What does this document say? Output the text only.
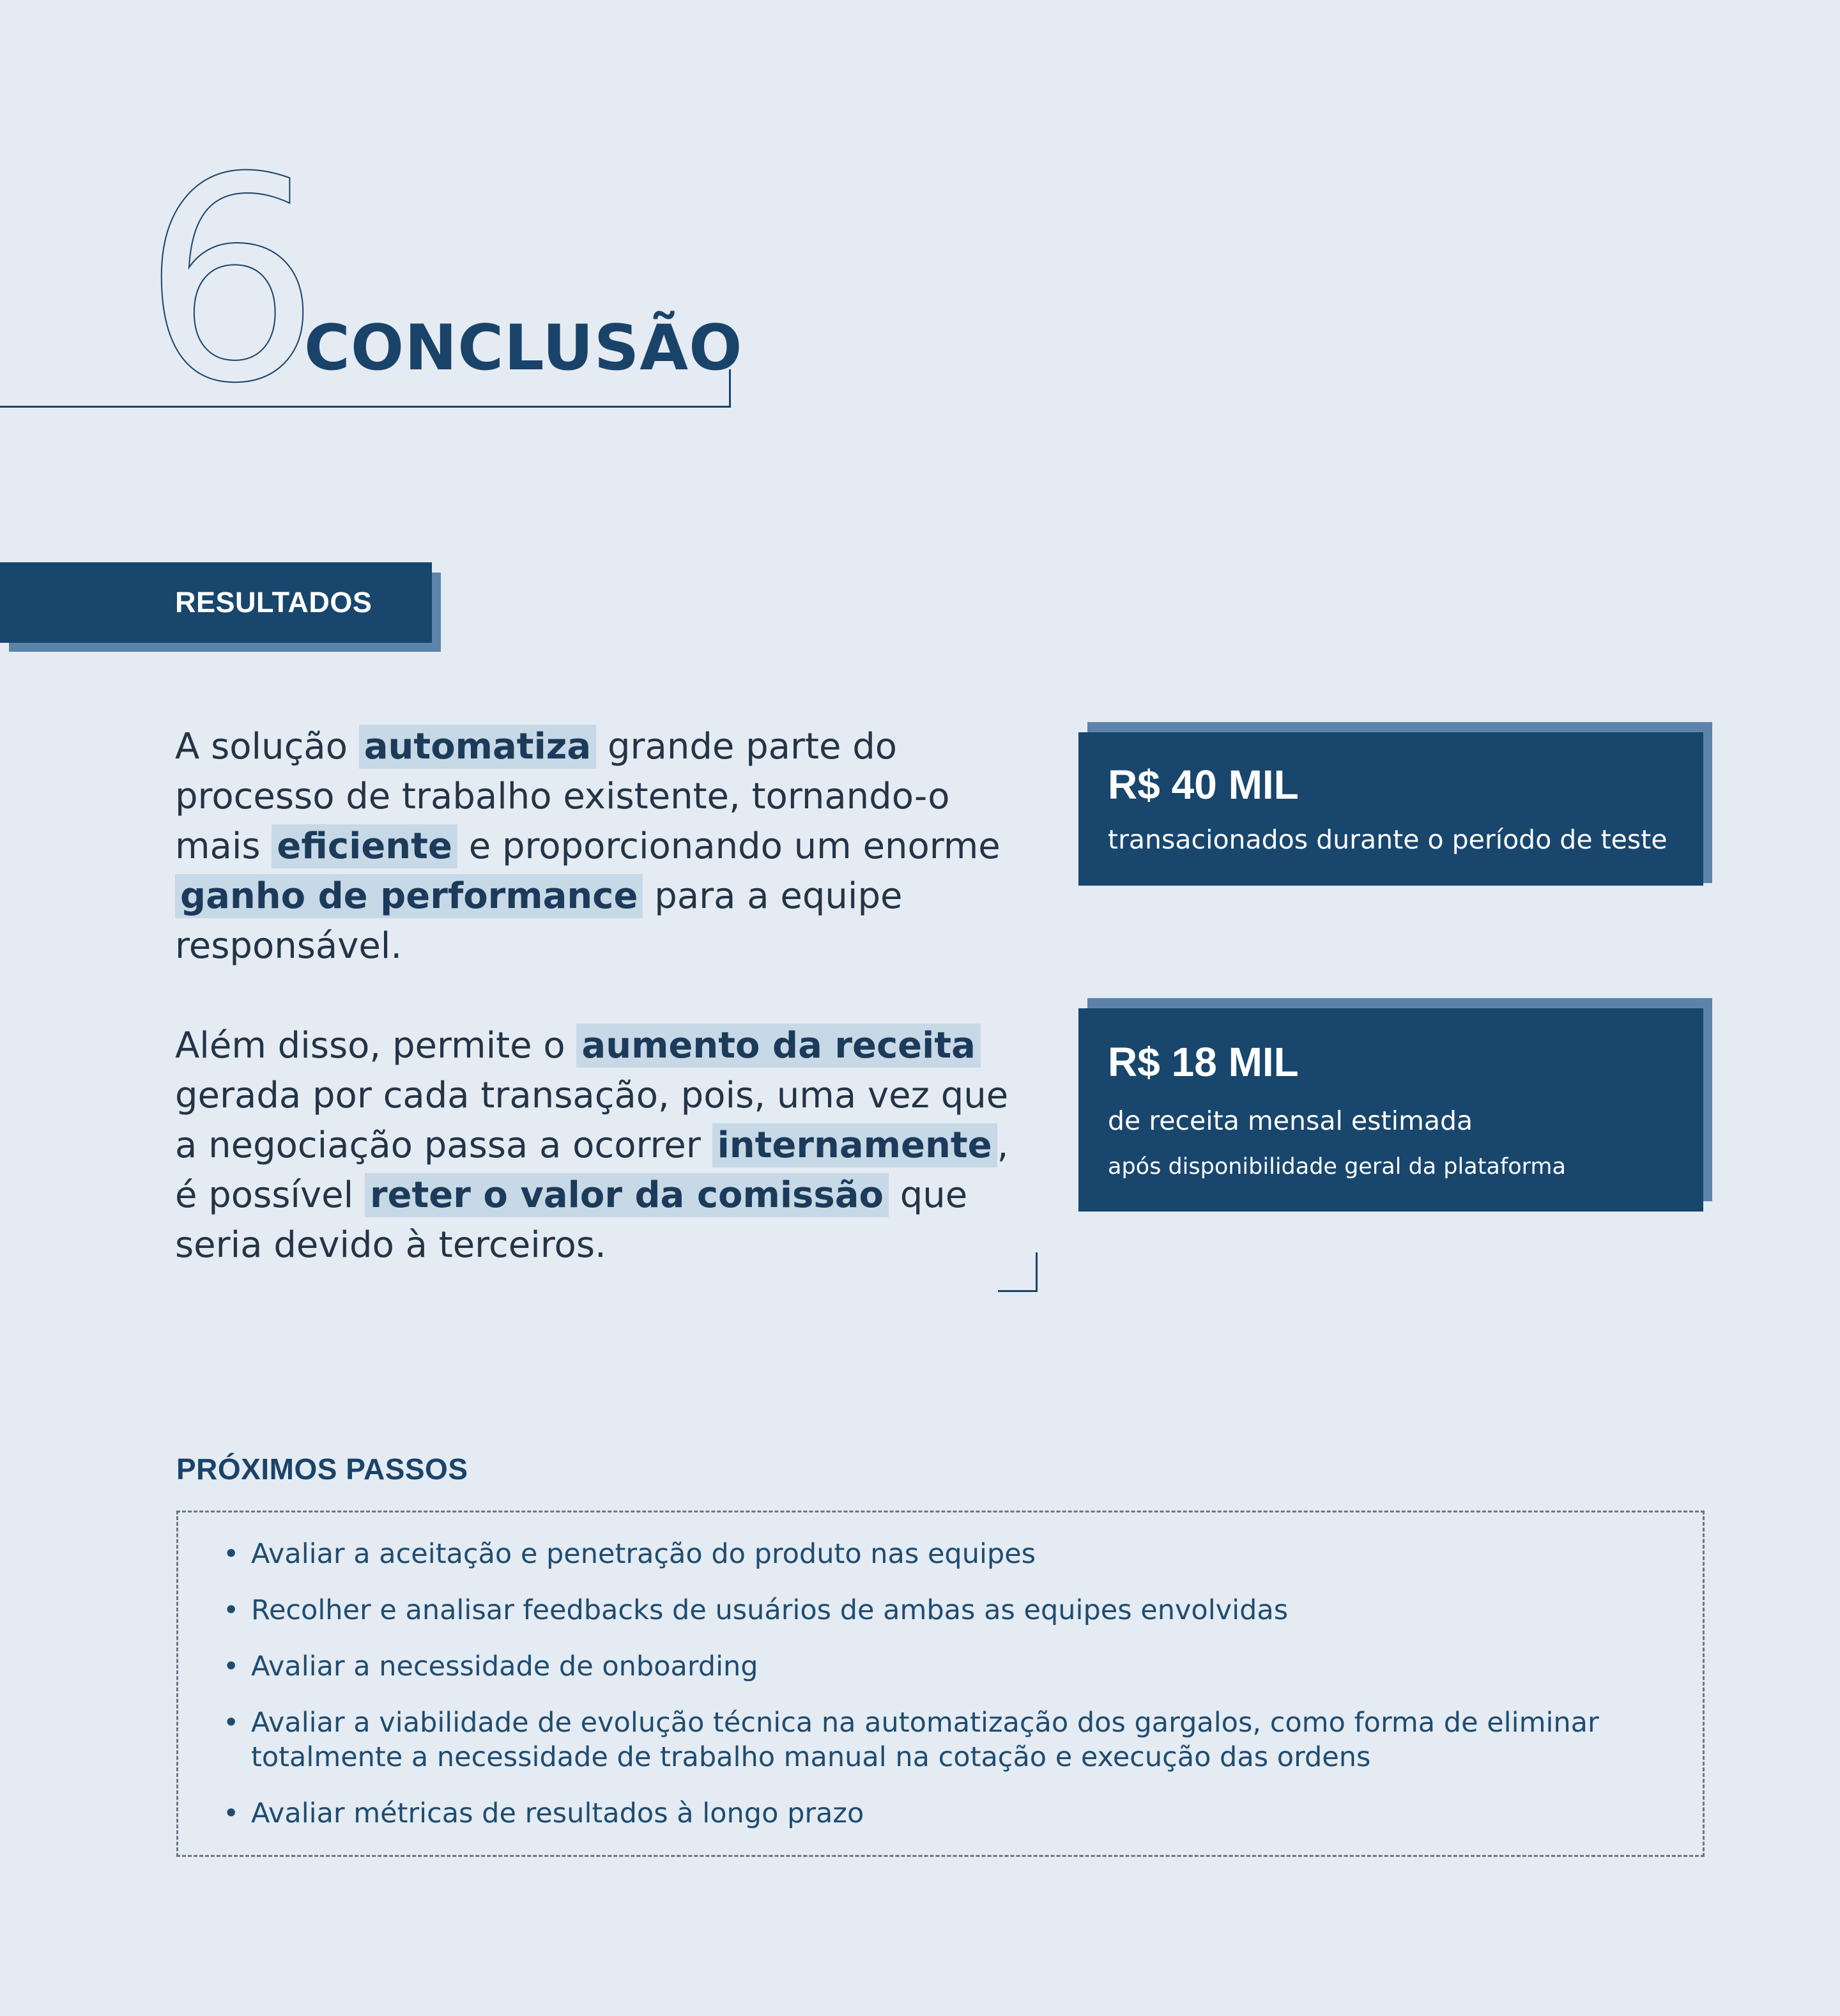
6
CONCLUSÃO
RESULTADOS

A solução automatiza grande parte do processo de trabalho existente, tornando-o mais eficiente e proporcionando um enorme ganho de performance para a equipe responsável.

Além disso, permite o aumento da receita gerada por cada transação, pois, uma vez que a negociação passa a ocorrer internamente , é possível reter o valor da comissão que seria devido à terceiros.

R$ 40 MIL
transacionados durante o período de teste
R$ 18 MIL
de receita mensal estimada
após disponibilidade geral da plataforma
PRÓXIMOS PASSOS
• Avaliar a aceitação e penetração do produto nas equipes
• Recolher e analisar feedbacks de usuários de ambas as equipes envolvidas
• Avaliar a necessidade de onboarding
• Avaliar a viabilidade de evolução técnica na automatização dos gargalos, como forma de eliminar totalmente a necessidade de trabalho manual na cotação e execução das ordens
• Avaliar métricas de resultados à longo prazo
